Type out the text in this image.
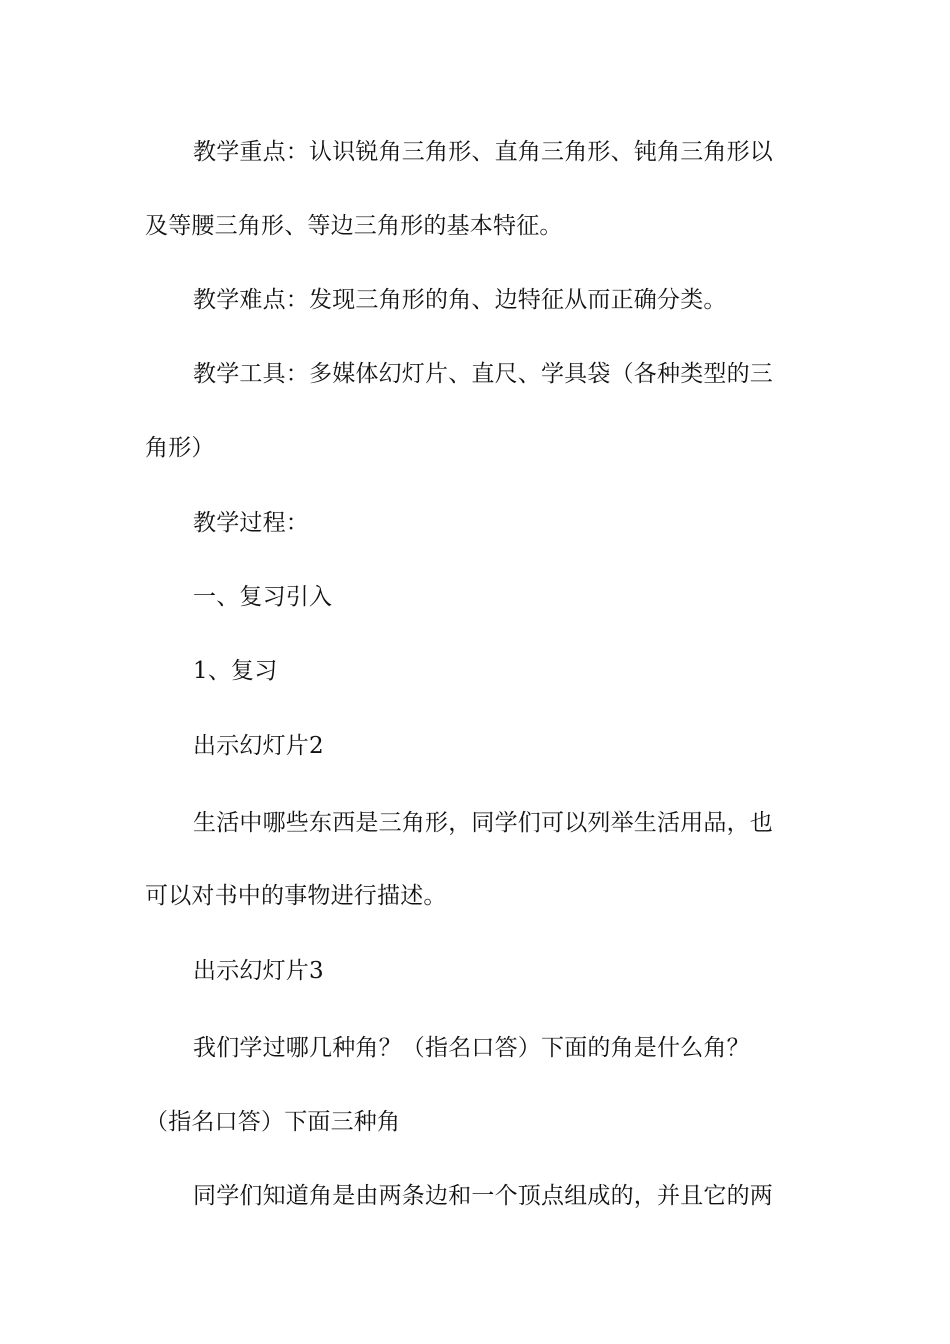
教学重点：认识锐角三角形、直角三角形、钝角三角形以

及等腰三角形、等边三角形的基本特征。

教学难点：发现三角形的角、边特征从而正确分类。

教学工具：多媒体幻灯片、直尺、学具袋（各种类型的三

角形）

教学过程：

一、复习引入

1、复习

出示幻灯片2

生活中哪些东西是三角形，同学们可以列举生活用品，也

可以对书中的事物进行描述。

出示幻灯片3

我们学过哪几种角？（指名口答）下面的角是什么角？

（指名口答）下面三种角

同学们知道角是由两条边和一个顶点组成的，并且它的两
